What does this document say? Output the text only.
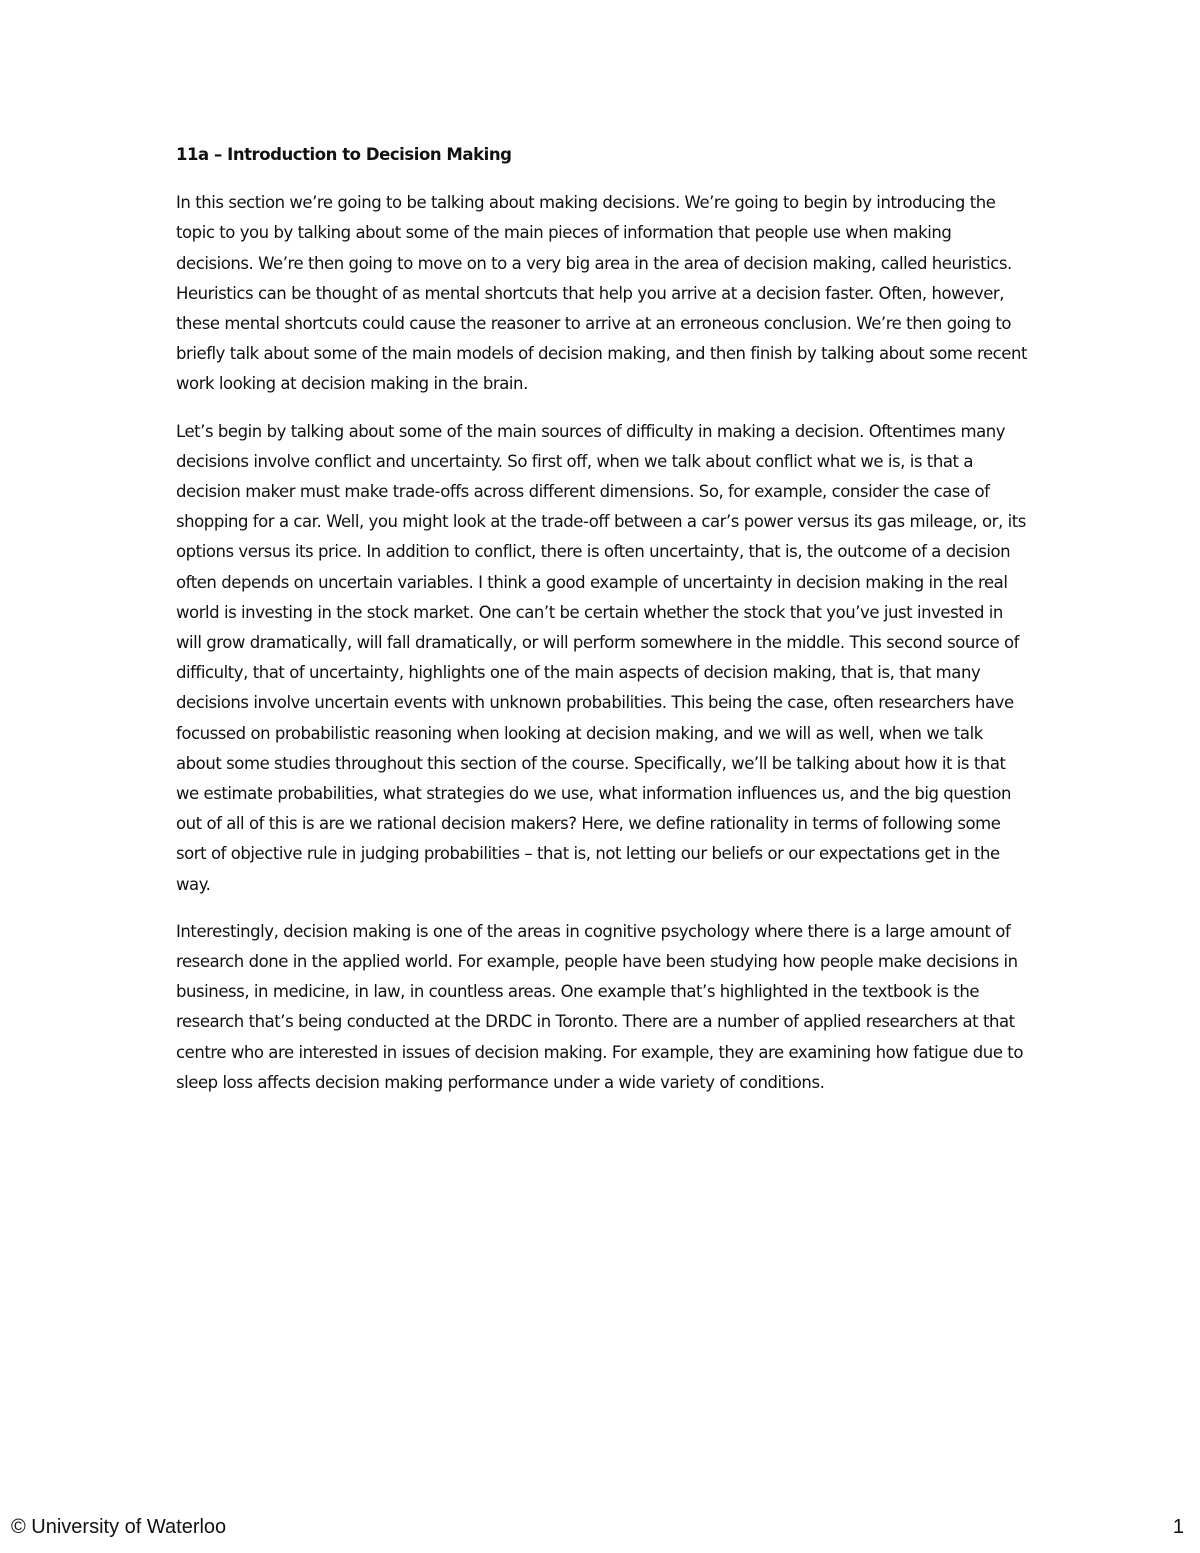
11a – Introduction to Decision Making

In this section we’re going to be talking about making decisions. We’re going to begin by introducing the topic to you by talking about some of the main pieces of information that people use when making decisions. We’re then going to move on to a very big area in the area of decision making, called heuristics. Heuristics can be thought of as mental shortcuts that help you arrive at a decision faster. Often, however, these mental shortcuts could cause the reasoner to arrive at an erroneous conclusion. We’re then going to briefly talk about some of the main models of decision making, and then finish by talking about some recent work looking at decision making in the brain.

Let’s begin by talking about some of the main sources of difficulty in making a decision. Oftentimes many decisions involve conflict and uncertainty. So first off, when we talk about conflict what we is, is that a decision maker must make trade-offs across different dimensions. So, for example, consider the case of shopping for a car. Well, you might look at the trade-off between a car’s power versus its gas mileage, or, its options versus its price. In addition to conflict, there is often uncertainty, that is, the outcome of a decision often depends on uncertain variables. I think a good example of uncertainty in decision making in the real world is investing in the stock market. One can’t be certain whether the stock that you’ve just invested in will grow dramatically, will fall dramatically, or will perform somewhere in the middle. This second source of difficulty, that of uncertainty, highlights one of the main aspects of decision making, that is, that many decisions involve uncertain events with unknown probabilities. This being the case, often researchers have focussed on probabilistic reasoning when looking at decision making, and we will as well, when we talk about some studies throughout this section of the course. Specifically, we’ll be talking about how it is that we estimate probabilities, what strategies do we use, what information influences us, and the big question out of all of this is are we rational decision makers? Here, we define rationality in terms of following some sort of objective rule in judging probabilities – that is, not letting our beliefs or our expectations get in the way.

Interestingly, decision making is one of the areas in cognitive psychology where there is a large amount of research done in the applied world. For example, people have been studying how people make decisions in business, in medicine, in law, in countless areas. One example that’s highlighted in the textbook is the research that’s being conducted at the DRDC in Toronto. There are a number of applied researchers at that centre who are interested in issues of decision making. For example, they are examining how fatigue due to sleep loss affects decision making performance under a wide variety of conditions.

© University of Waterloo	1
